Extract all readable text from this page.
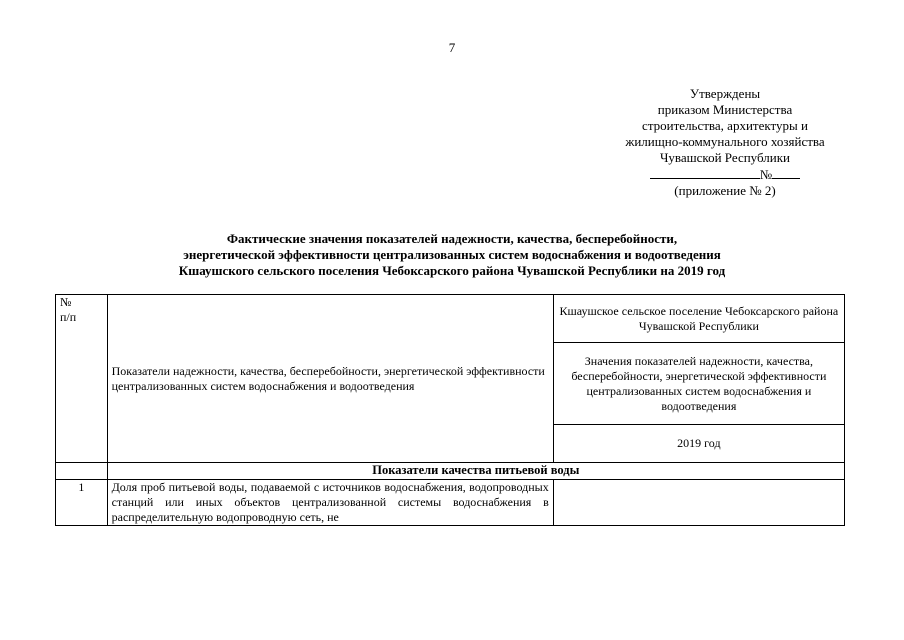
7
Утверждены
приказом Министерства
строительства, архитектуры и
жилищно-коммунального хозяйства
Чувашской Республики
№
(приложение № 2)
Фактические значения показателей надежности, качества, бесперебойности,
энергетической эффективности централизованных систем водоснабжения и водоотведения
Кшаушского сельского поселения Чебоксарского района Чувашской Республики на 2019 год
№
п/п	Показатели надежности, качества, бесперебойности, энергетической эффективности централизованных систем водоснабжения и водоотведения	Кшаушское сельское поселение Чебоксарского района Чувашской Республики
		Значения показателей надежности, качества, бесперебойности, энергетической эффективности централизованных систем водоснабжения и водоотведения
		2019 год
	Показатели качества питьевой воды	
1	Доля проб питьевой воды, подаваемой с источников водоснабжения, водопроводных станций или иных объектов централизованной системы водоснабжения в распределительную водопроводную сеть, не	
